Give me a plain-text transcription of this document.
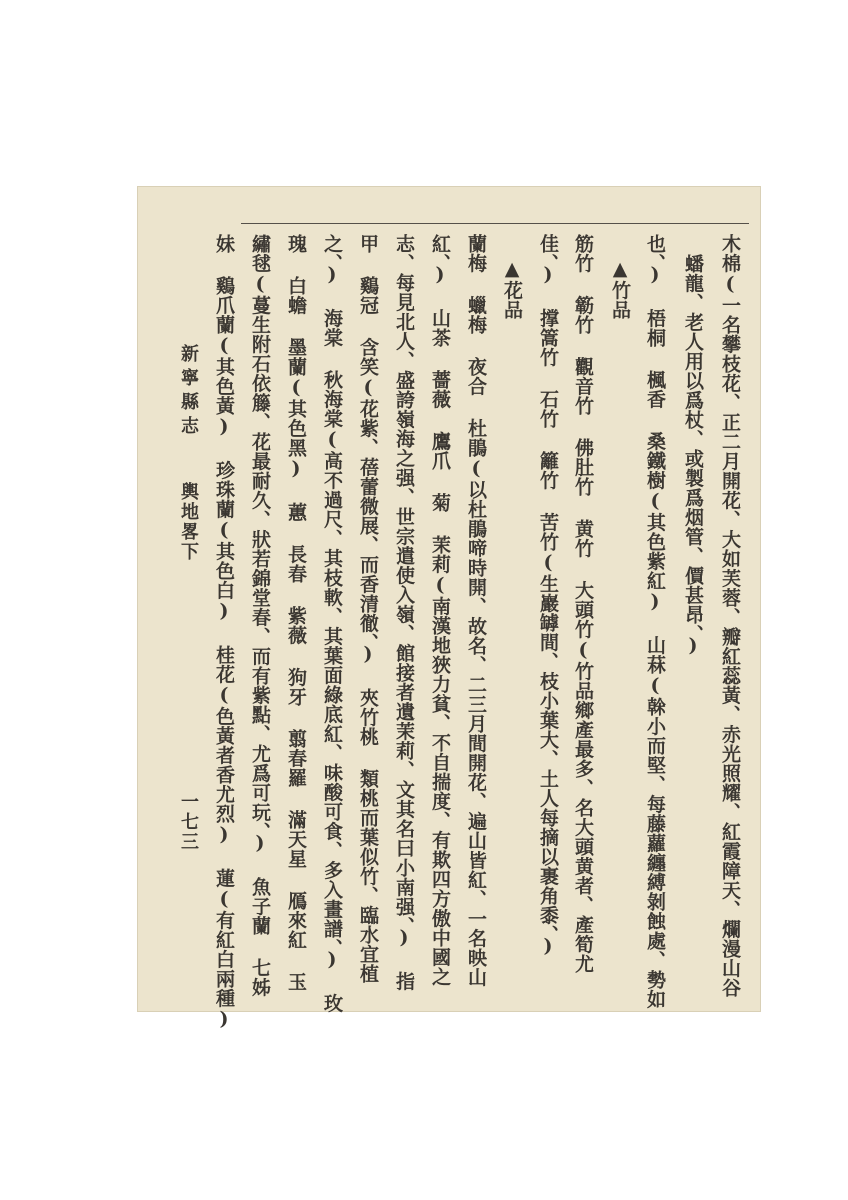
木棉(一名攀枝花、正二月開花、大如芙蓉、瓣紅蕊黃、赤光照耀、紅霞障天、爛漫山谷
蟠龍、老人用以爲杖、或製爲烟管、價甚昂、)
也、) 梧桐 楓香 桑鐵樹(其色紫紅) 山菻(榦小而堅、每藤蘿纏縛剝蝕處、勢如
▲竹品
筋竹 簕竹 觀音竹 佛肚竹 黄竹 大頭竹(竹品鄉產最多、名大頭黄者、產筍尤
佳、) 撑篙竹 石竹 籬竹 苦竹(生巖罅間、枝小葉大、土人每摘以裹角黍、)
▲花品
蘭梅 蠟梅 夜合 杜鵑(以杜鵑啼時開、故名、二三月間開花、遍山皆紅、一名映山
紅、) 山茶 薔薇 鷹爪 菊 茉莉(南漢地狹力貧、不自揣度、有欺四方傲中國之
志、每見北人、盛誇嶺海之强、世宗遣使入嶺、館接者遺茉莉、文其名曰小南强、) 指
甲 鷄冠 含笑(花紫、蓓蕾微展、而香清徹、) 夾竹桃 類桃而葉似竹、臨水宜植
之、) 海棠 秋海棠(高不過尺、其枝軟、其葉面綠底紅、味酸可食、多入畫譜、) 玫
瑰 白蟾 墨蘭(其色黑) 蕙 長春 紫薇 狗牙 翦春羅 滿天星 鴈來紅 玉
繡毬(蔓生附石依籐、花最耐久、狀若錦堂春、而有紫點、尤爲可玩、) 魚子蘭 七姊
妹 鷄爪蘭(其色黃) 珍珠蘭(其色白) 桂花(色黃者香尤烈) 蓮(有紅白兩種)
新寧縣志
輿地畧下
一七三
